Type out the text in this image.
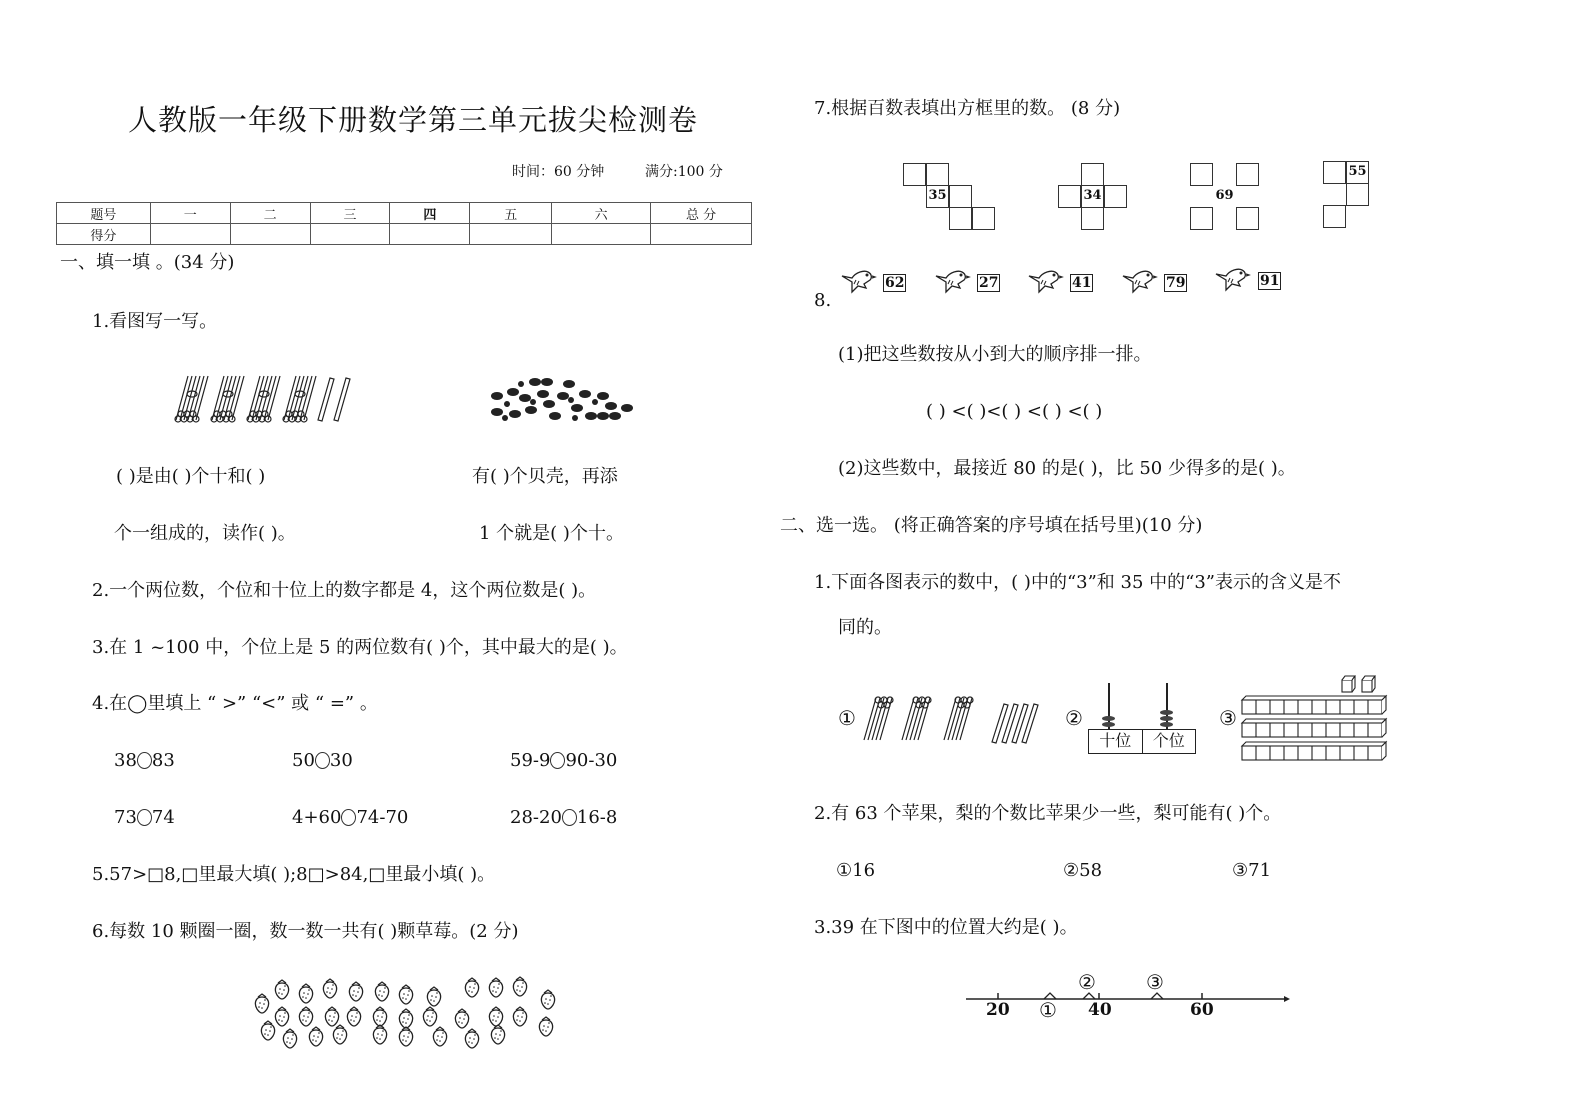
人教版一年级下册数学第三单元拔尖检测卷
时间：60 分钟	满分:100 分
题号	一	二	三	四	五	六	总 分
得分							
一、填一填 。(34 分)
1.看图写一写。
( )是由( )个十和( )
个一组成的，读作( )。
有( )个贝壳，再添
1 个就是( )个十。
2.一个两位数，个位和十位上的数字都是 4，这个两位数是( )。
3.在 1 ~100 中，个位上是 5 的两位数有( )个，其中最大的是( )。
4.在◯里填上 “ >” “<” 或 “ =” 。
38 83	50 30	59-9 90-30
73 74	4+60 74-70	28-20 16-8
5.57>□8,□里最大填( );8□>84,□里最小填( )。
6.每数 10 颗圈一圈，数一数一共有( )颗草莓。(2 分)
7.根据百数表填出方框里的数。 (8 分)
35	34	69
55
8.
62	27	41	79	91
(1)把这些数按从小到大的顺序排一排。
( ) <( )<( ) <( ) <( )
(2)这些数中，最接近 80 的是( )，比 50 少得多的是( )。
二、选一选。 (将正确答案的序号填在括号里)(10 分)
1.下面各图表示的数中，( )中的“3”和 35 中的“3”表示的含义是不
同的。
①	②
十位	个位
③
2.有 63 个苹果，梨的个数比苹果少一些，梨可能有( )个。
①16	②58	③71
3.39 在下图中的位置大约是( )。
20	40	60
①
②	③
